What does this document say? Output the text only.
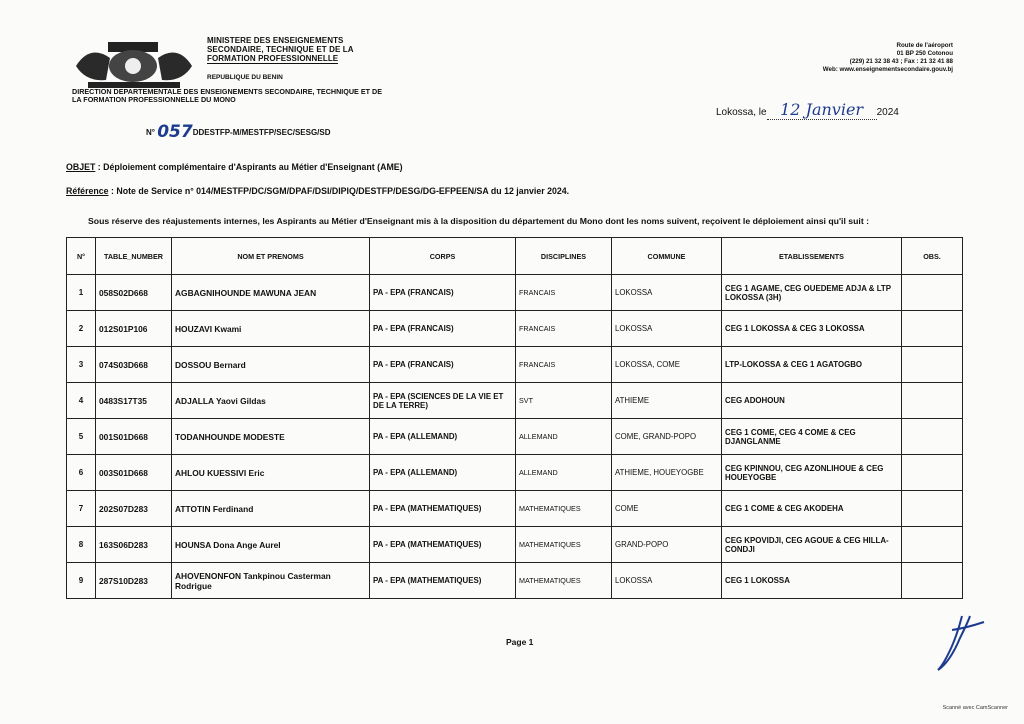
MINISTERE DES ENSEIGNEMENTS
SECONDAIRE, TECHNIQUE ET DE LA
FORMATION PROFESSIONNELLE
REPUBLIQUE DU BENIN
DIRECTION DEPARTEMENTALE DES ENSEIGNEMENTS SECONDAIRE, TECHNIQUE ET DE
LA FORMATION PROFESSIONNELLE DU MONO
N° 057DDESTFP-M/MESTFP/SEC/SESG/SD
Route de l'aéroport
01 BP 250 Cotonou
(229) 21 32 38 43 ; Fax : 21 32 41 88
Web: www.enseignementsecondaire.gouv.bj
Lokossa, le 12 Janvier 2024
OBJET : Déploiement complémentaire d'Aspirants au Métier d'Enseignant (AME)
Référence : Note de Service n° 014/MESTFP/DC/SGM/DPAF/DSI/DIPIQ/DESTFP/DESG/DG-EFPEEN/SA du 12 janvier 2024.
Sous réserve des réajustements internes, les Aspirants au Métier d'Enseignant mis à la disposition du département du Mono dont les noms suivent, reçoivent le déploiement ainsi qu'il suit :
N°	TABLE_NUMBER	NOM ET PRENOMS	CORPS	DISCIPLINES	COMMUNE	ETABLISSEMENTS	OBS.
1	058S02D668	AGBAGNIHOUNDE MAWUNA JEAN	PA - EPA (FRANCAIS)	FRANCAIS	LOKOSSA	CEG 1 AGAME, CEG OUEDEME ADJA & LTP LOKOSSA (3H)	
2	012S01P106	HOUZAVI Kwami	PA - EPA (FRANCAIS)	FRANCAIS	LOKOSSA	CEG 1 LOKOSSA & CEG 3 LOKOSSA	
3	074S03D668	DOSSOU Bernard	PA - EPA (FRANCAIS)	FRANCAIS	LOKOSSA, COME	LTP-LOKOSSA & CEG 1 AGATOGBO	
4	0483S17T35	ADJALLA Yaovi Gildas	PA - EPA (SCIENCES DE LA VIE ET DE LA TERRE)	SVT	ATHIEME	CEG ADOHOUN	
5	001S01D668	TODANHOUNDE MODESTE	PA - EPA (ALLEMAND)	ALLEMAND	COME, GRAND-POPO	CEG 1 COME, CEG 4 COME & CEG DJANGLANME	
6	003S01D668	AHLOU KUESSIVI Eric	PA - EPA (ALLEMAND)	ALLEMAND	ATHIEME, HOUEYOGBE	CEG KPINNOU, CEG AZONLIHOUE & CEG HOUEYOGBE	
7	202S07D283	ATTOTIN Ferdinand	PA - EPA (MATHEMATIQUES)	MATHEMATIQUES	COME	CEG 1 COME & CEG AKODEHA	
8	163S06D283	HOUNSA Dona Ange Aurel	PA - EPA (MATHEMATIQUES)	MATHEMATIQUES	GRAND-POPO	CEG KPOVIDJI, CEG AGOUE & CEG HILLA-CONDJI	
9	287S10D283	AHOVENONFON Tankpinou Casterman Rodrigue	PA - EPA (MATHEMATIQUES)	MATHEMATIQUES	LOKOSSA	CEG 1 LOKOSSA	
Page 1
Scanné avec CamScanner
